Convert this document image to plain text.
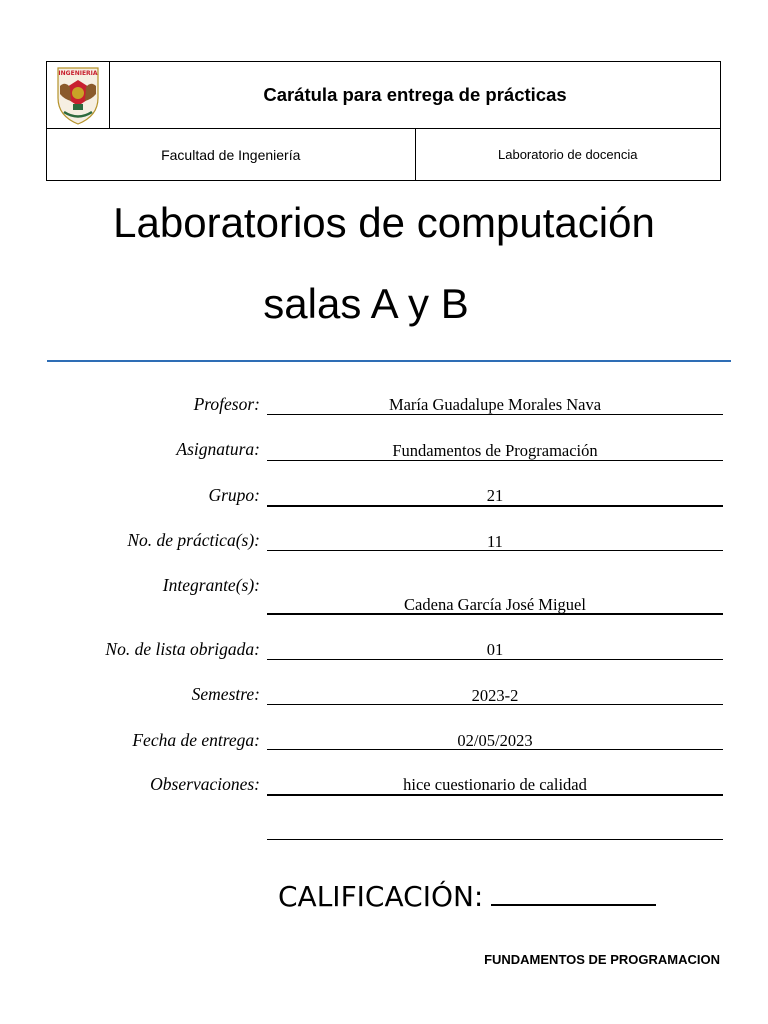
INGENIERIA	Carátula para entrega de prácticas	
Facultad de Ingeniería		Laboratorio de docencia
Laboratorios de computación
salas A y B
Profesor:	María Guadalupe Morales Nava
Asignatura:	Fundamentos de Programación
Grupo:	21
No. de práctica(s):	11
Integrante(s):
Cadena García José Miguel
No. de lista obrigada:	01
Semestre:	2023-2
Fecha de entrega:	02/05/2023
Observaciones:	hice cuestionario de calidad
CALIFICACIÓN:
FUNDAMENTOS DE PROGRAMACION
